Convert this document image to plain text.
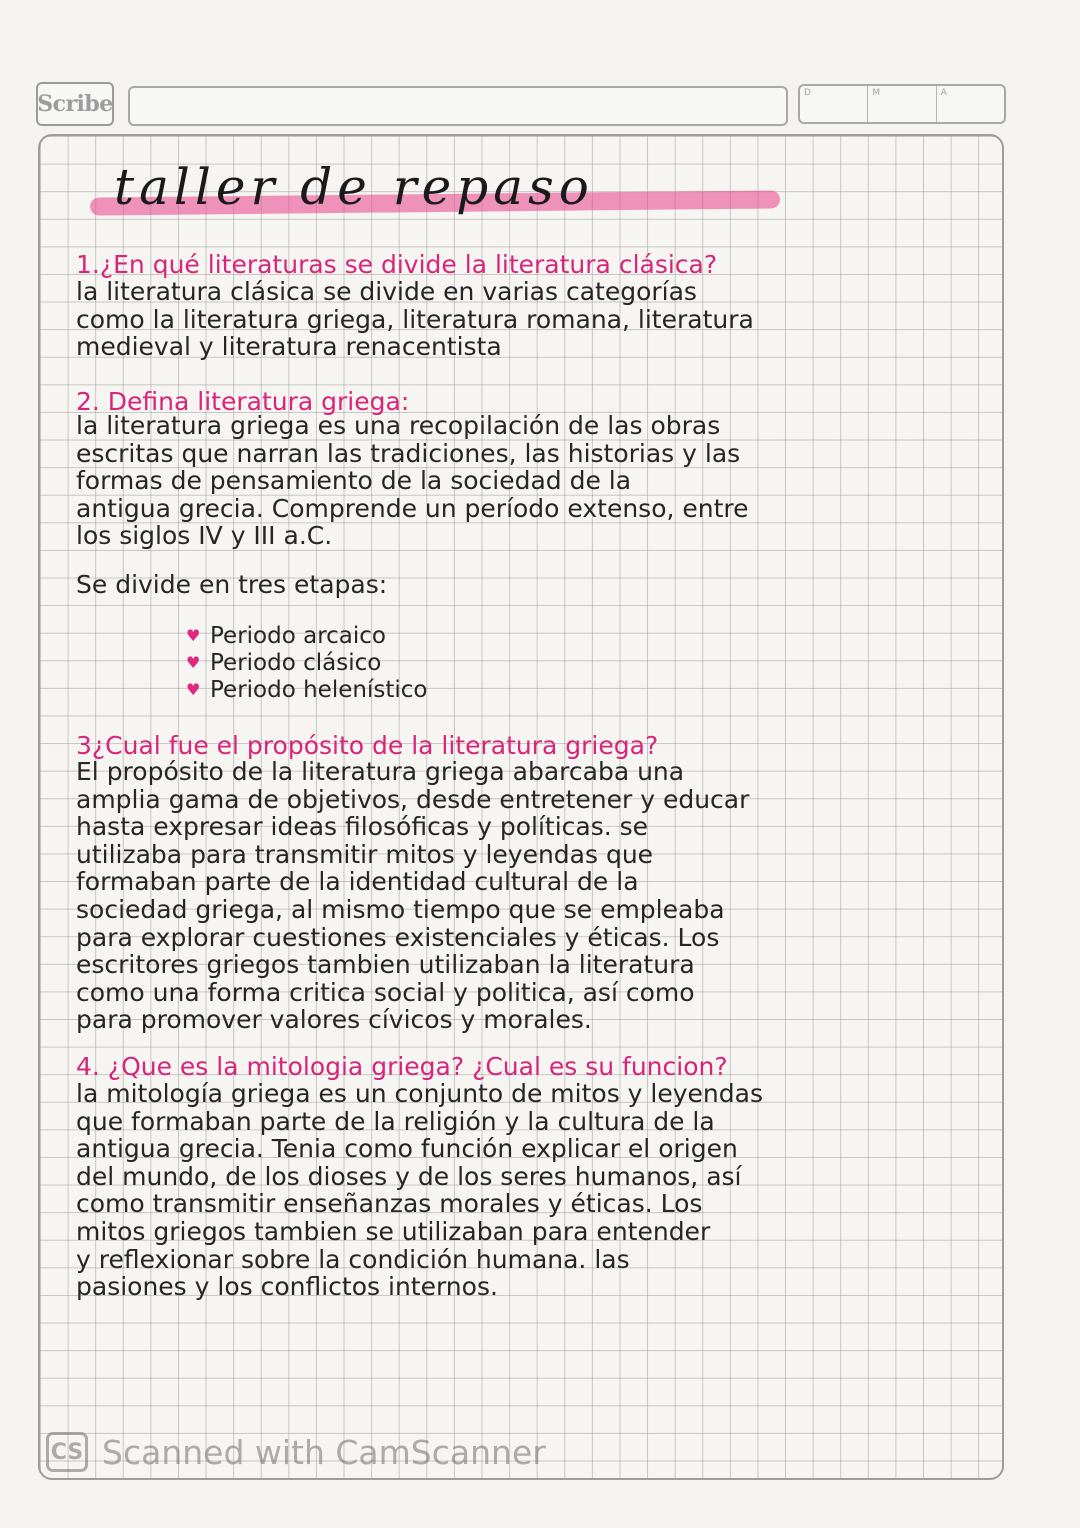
Scribe	D	M	A
taller de repaso

1.¿En qué literaturas se divide la literatura clásica?

la literatura clásica se divide en varias categorías
como la literatura griega, literatura romana, literatura
medieval y literatura renacentista

2. Defina literatura griega:

la literatura griega es una recopilación de las obras
escritas que narran las tradiciones, las historias y las
formas de pensamiento de la sociedad de la
antigua grecia. Comprende un período extenso, entre
los siglos IV y III a.C.

Se divide en tres etapas:

♥ Periodo arcaico
♥ Periodo clásico
♥ Periodo helenístico

3¿Cual fue el propósito de la literatura griega?

El propósito de la literatura griega abarcaba una
amplia gama de objetivos, desde entretener y educar
hasta expresar ideas filosóficas y políticas. se
utilizaba para transmitir mitos y leyendas que
formaban parte de la identidad cultural de la
sociedad griega, al mismo tiempo que se empleaba
para explorar cuestiones existenciales y éticas. Los
escritores griegos tambien utilizaban la literatura
como una forma critica social y politica, así como
para promover valores cívicos y morales.

4. ¿Que es la mitologia griega? ¿Cual es su funcion?

la mitología griega es un conjunto de mitos y leyendas
que formaban parte de la religión y la cultura de la
antigua grecia. Tenia como función explicar el origen
del mundo, de los dioses y de los seres humanos, así
como transmitir enseñanzas morales y éticas. Los
mitos griegos tambien se utilizaban para entender
y reflexionar sobre la condición humana. las
pasiones y los conflictos internos.
CS Scanned with CamScanner
